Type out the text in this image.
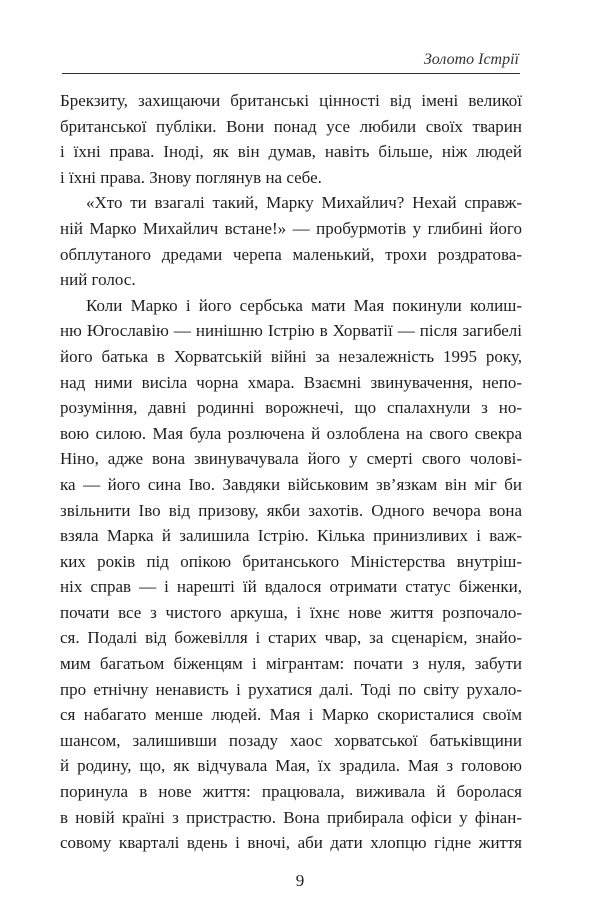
Золото Істрії
Брекзиту, захищаючи британські цінності від імені великої
британської публіки. Вони понад усе любили своїх тварин
і їхні права. Іноді, як він думав, навіть більше, ніж людей
і їхні права. Знову поглянув на себе.
«Хто ти взагалі такий, Марку Михайлич? Нехай справж-
ній Марко Михайлич встане!» — пробурмотів у глибині його
обплутаного дредами черепа маленький, трохи роздратова-
ний голос.
Коли Марко і його сербська мати Мая покинули колиш-
ню Югославію — нинішню Істрію в Хорватії — після загибелі
його батька в Хорватській війні за незалежність 1995 року,
над ними висіла чорна хмара. Взаємні звинувачення, непо-
розуміння, давні родинні ворожнечі, що спалахнули з но-
вою силою. Мая була розлючена й озлоблена на свого свекра
Ніно, адже вона звинувачувала його у смерті свого чолові-
ка — його сина Іво. Завдяки військовим зв’язкам він міг би
звільнити Іво від призову, якби захотів. Одного вечора вона
взяла Марка й залишила Істрію. Кілька принизливих і важ-
ких років під опікою британського Міністерства внутріш-
ніх справ — і нарешті їй вдалося отримати статус біженки,
почати все з чистого аркуша, і їхнє нове життя розпочало-
ся. Подалі від божевілля і старих чвар, за сценарієм, знайо-
мим багатьом біженцям і мігрантам: почати з нуля, забути
про етнічну ненависть і рухатися далі. Тоді по світу рухало-
ся набагато менше людей. Мая і Марко скористалися своїм
шансом, залишивши позаду хаос хорватської батьківщини
й родину, що, як відчувала Мая, їх зрадила. Мая з головою
поринула в нове життя: працювала, виживала й боролася
в новій країні з пристрастю. Вона прибирала офіси у фінан-
совому кварталі вдень і вночі, аби дати хлопцю гідне життя
9
